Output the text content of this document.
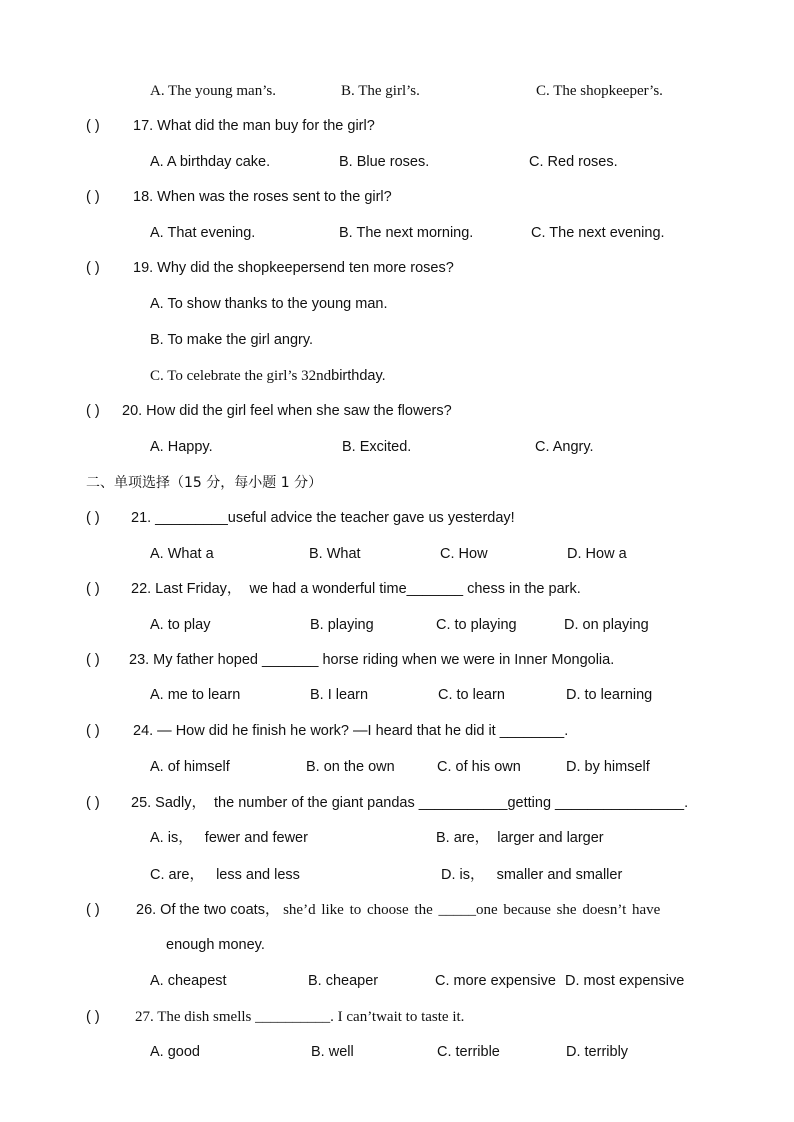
A. The young man’s.	B. The girl’s.	C. The shopkeeper’s.
( ) 17. What did the man buy for the girl?
A. A birthday cake.	B. Blue roses.	C. Red roses.
( ) 18. When was the roses sent to the girl?
A. That evening.	B. The next morning.	C. The next evening.
( ) 19. Why did the shopkeepersend ten more roses?
A. To show thanks to the young man.
B. To make the girl angry.
C. To celebrate the girl’s 32ndbirthday.
( ) 20. How did the girl feel when she saw the flowers?
A. Happy.	B. Excited.	C. Angry.
二、单项选择（15 分，每小题 1 分）
( ) 21. _________useful advice the teacher gave us yesterday!
A. What a	B. What	C. How	D. How a
( ) 22. Last Friday，  we had a wonderful time_______ chess in the park.
A. to play	B. playing	C. to playing	D. on playing
( ) 23. My father hoped _______ horse riding when we were in Inner Mongolia.
A. me to learn	B. I learn	C. to learn	D. to learning
( ) 24. — How did he finish he work? —I heard that he did it ________.
A. of himself	B. on the own	C. of his own	D. by himself
( ) 25. Sadly，  the number of the giant pandas ___________getting ________________.
A. is，   fewer and fewer	B. are，  larger and larger
C. are，   less and less	D. is，   smaller and smaller
( )	26. Of the two coats， she’d like to choose the _____one because she doesn’t have
enough money.
A. cheapest	B. cheaper	C. more expensive D. most expensive
( ) 27. The dish smells __________. I can’twait to taste it.
A. good	B. well	C. terrible	D. terribly
